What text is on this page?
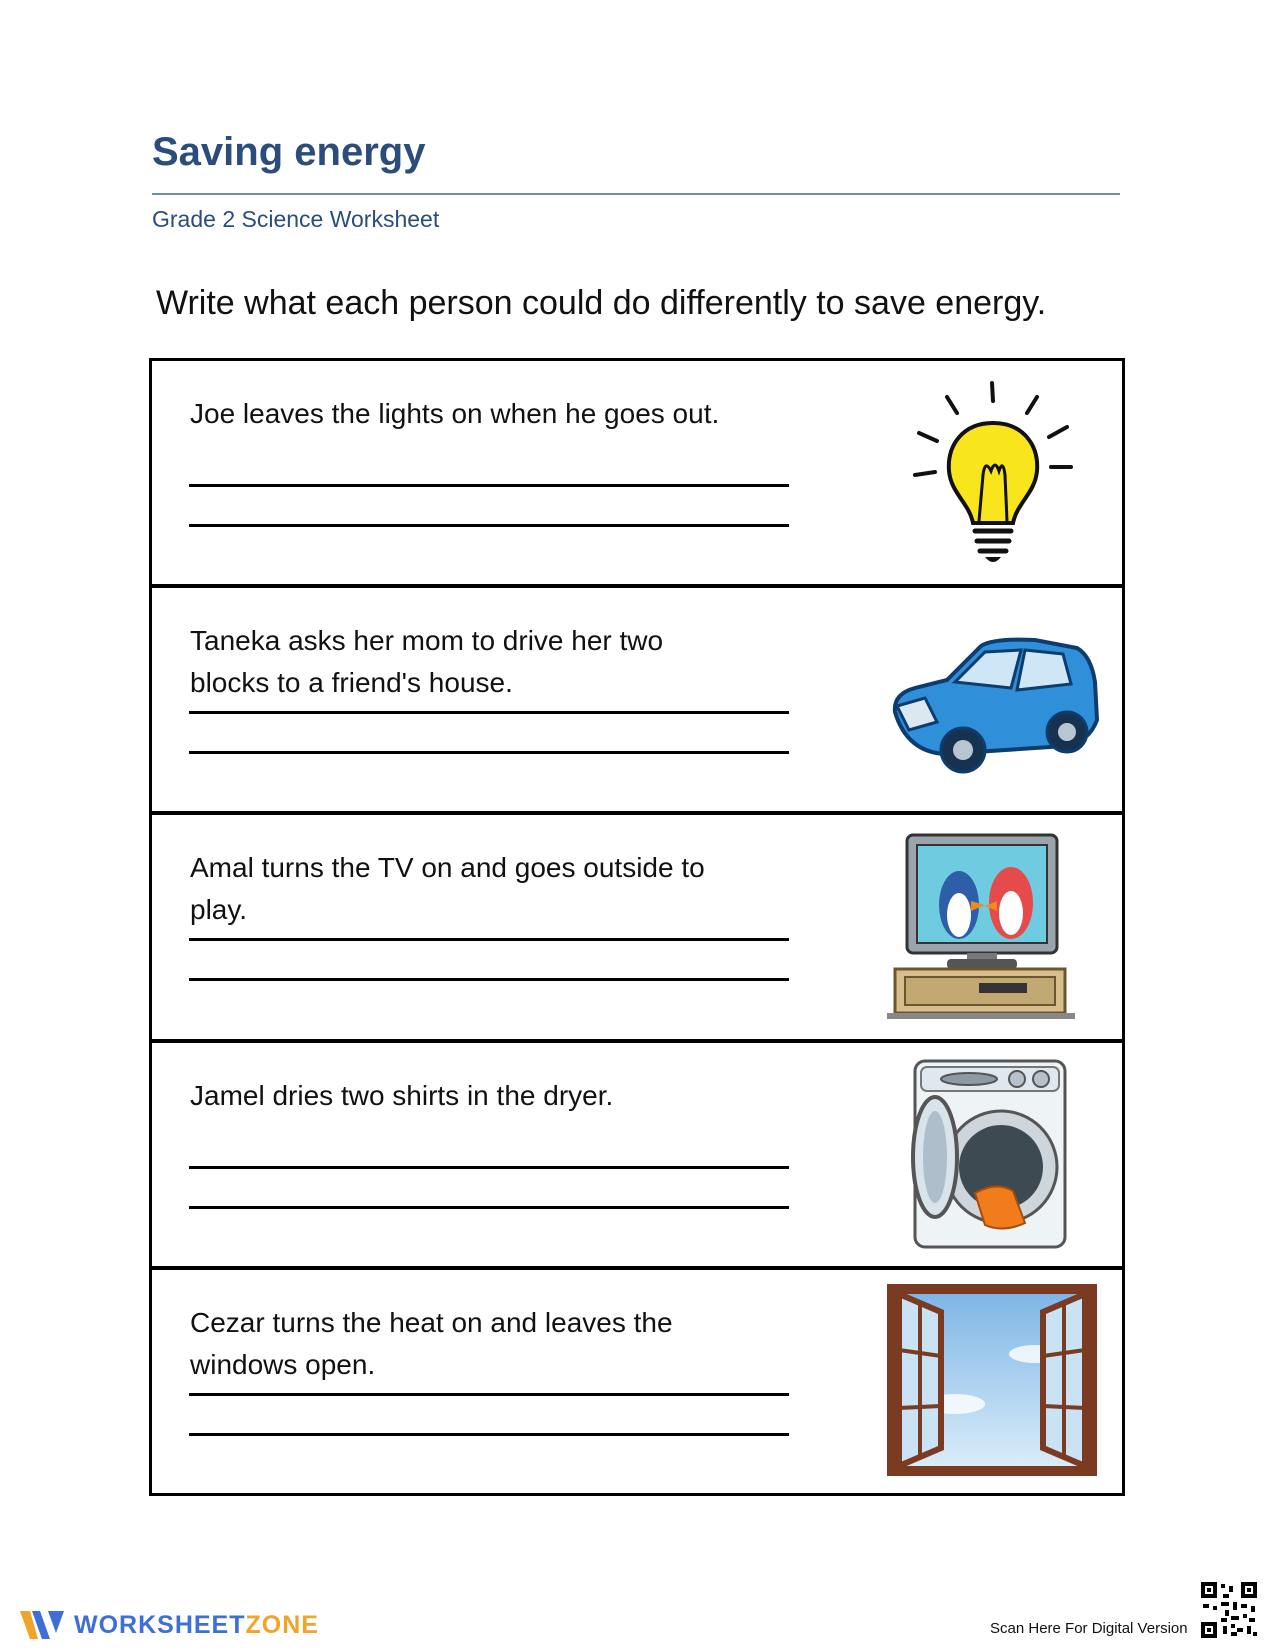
Saving energy
Grade 2 Science Worksheet
Write what each person could do differently to save energy.
Joe leaves the lights on when he goes out.
Taneka asks her mom to drive her two blocks to a friend's house.
Amal turns the TV on and goes outside to play.
Jamel dries two shirts in the dryer.
Cezar turns the heat on and leaves the windows open.
WORKSHEETZONE	Scan Here For Digital Version
